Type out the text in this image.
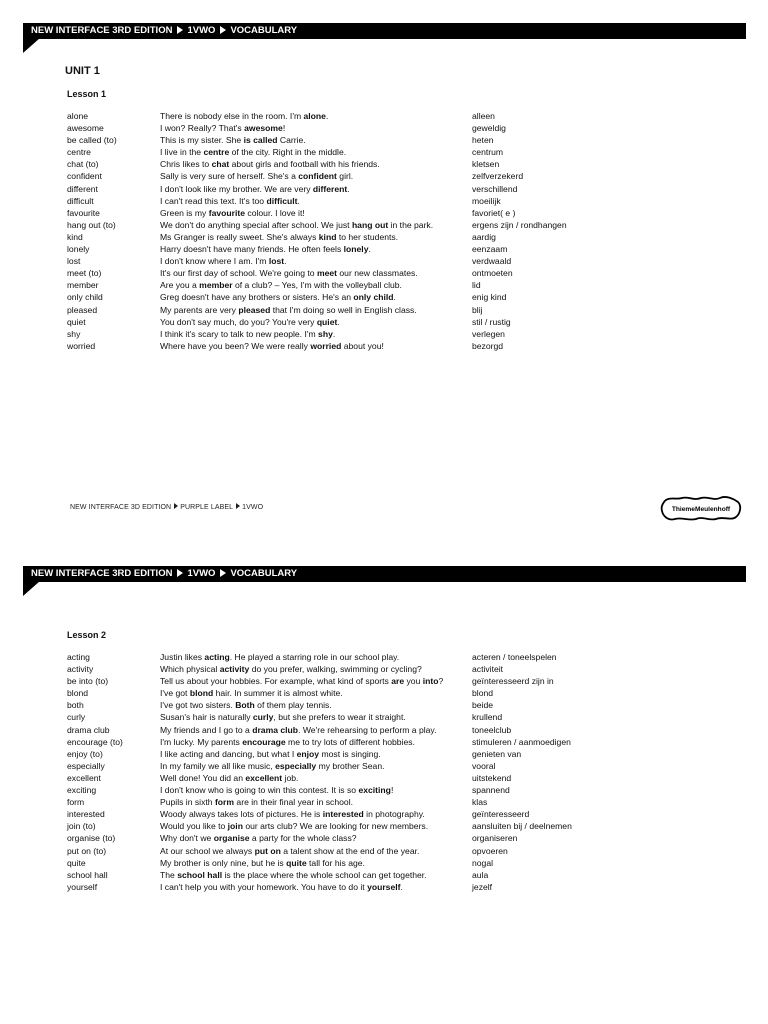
NEW INTERFACE 3RD EDITION 1VWO VOCABULARY
UNIT 1
Lesson 1
alone	There is nobody else in the room. I'm alone.	alleen
awesome	I won? Really? That's awesome!	geweldig
be called (to)	This is my sister. She is called Carrie.	heten
centre	I live in the centre of the city. Right in the middle.	centrum
chat (to)	Chris likes to chat about girls and football with his friends.	kletsen
confident	Sally is very sure of herself. She's a confident girl.	zelfverzekerd
different	I don't look like my brother. We are very different.	verschillend
difficult	I can't read this text. It's too difficult.	moeilijk
favourite	Green is my favourite colour. I love it!	favoriet( e )
hang out (to)	We don't do anything special after school. We just hang out in the park.	ergens zijn / rondhangen
kind	Ms Granger is really sweet. She's always kind to her students.	aardig
lonely	Harry doesn't have many friends. He often feels lonely.	eenzaam
lost	I don't know where I am. I'm lost.	verdwaald
meet (to)	It's our first day of school. We're going to meet our new classmates.	ontmoeten
member	Are you a member of a club? – Yes, I'm with the volleyball club.	lid
only child	Greg doesn't have any brothers or sisters. He's an only child.	enig kind
pleased	My parents are very pleased that I'm doing so well in English class.	blij
quiet	You don't say much, do you? You're very quiet.	stil / rustig
shy	I think it's scary to talk to new people. I'm shy.	verlegen
worried	Where have you been? We were really worried about you!	bezorgd
NEW INTERFACE 3D EDITION PURPLE LABEL 1VWO	ThiemeMeulenhoff
NEW INTERFACE 3RD EDITION 1VWO VOCABULARY
Lesson 2
acting	Justin likes acting. He played a starring role in our school play.	acteren / toneelspelen
activity	Which physical activity do you prefer, walking, swimming or cycling?	activiteit
be into (to)	Tell us about your hobbies. For example, what kind of sports are you into?	geïnteresseerd zijn in
blond	I've got blond hair. In summer it is almost white.	blond
both	I've got two sisters. Both of them play tennis.	beide
curly	Susan's hair is naturally curly, but she prefers to wear it straight.	krullend
drama club	My friends and I go to a drama club. We're rehearsing to perform a play.	toneelclub
encourage (to)	I'm lucky. My parents encourage me to try lots of different hobbies.	stimuleren / aanmoedigen
enjoy (to)	I like acting and dancing, but what I enjoy most is singing.	genieten van
especially	In my family we all like music, especially my brother Sean.	vooral
excellent	Well done! You did an excellent job.	uitstekend
exciting	I don't know who is going to win this contest. It is so exciting!	spannend
form	Pupils in sixth form are in their final year in school.	klas
interested	Woody always takes lots of pictures. He is interested in photography.	geïnteresseerd
join (to)	Would you like to join our arts club? We are looking for new members.	aansluiten bij / deelnemen
organise (to)	Why don't we organise a party for the whole class?	organiseren
put on (to)	At our school we always put on a talent show at the end of the year.	opvoeren
quite	My brother is only nine, but he is quite tall for his age.	nogal
school hall	The school hall is the place where the whole school can get together.	aula
yourself	I can't help you with your homework. You have to do it yourself.	jezelf
